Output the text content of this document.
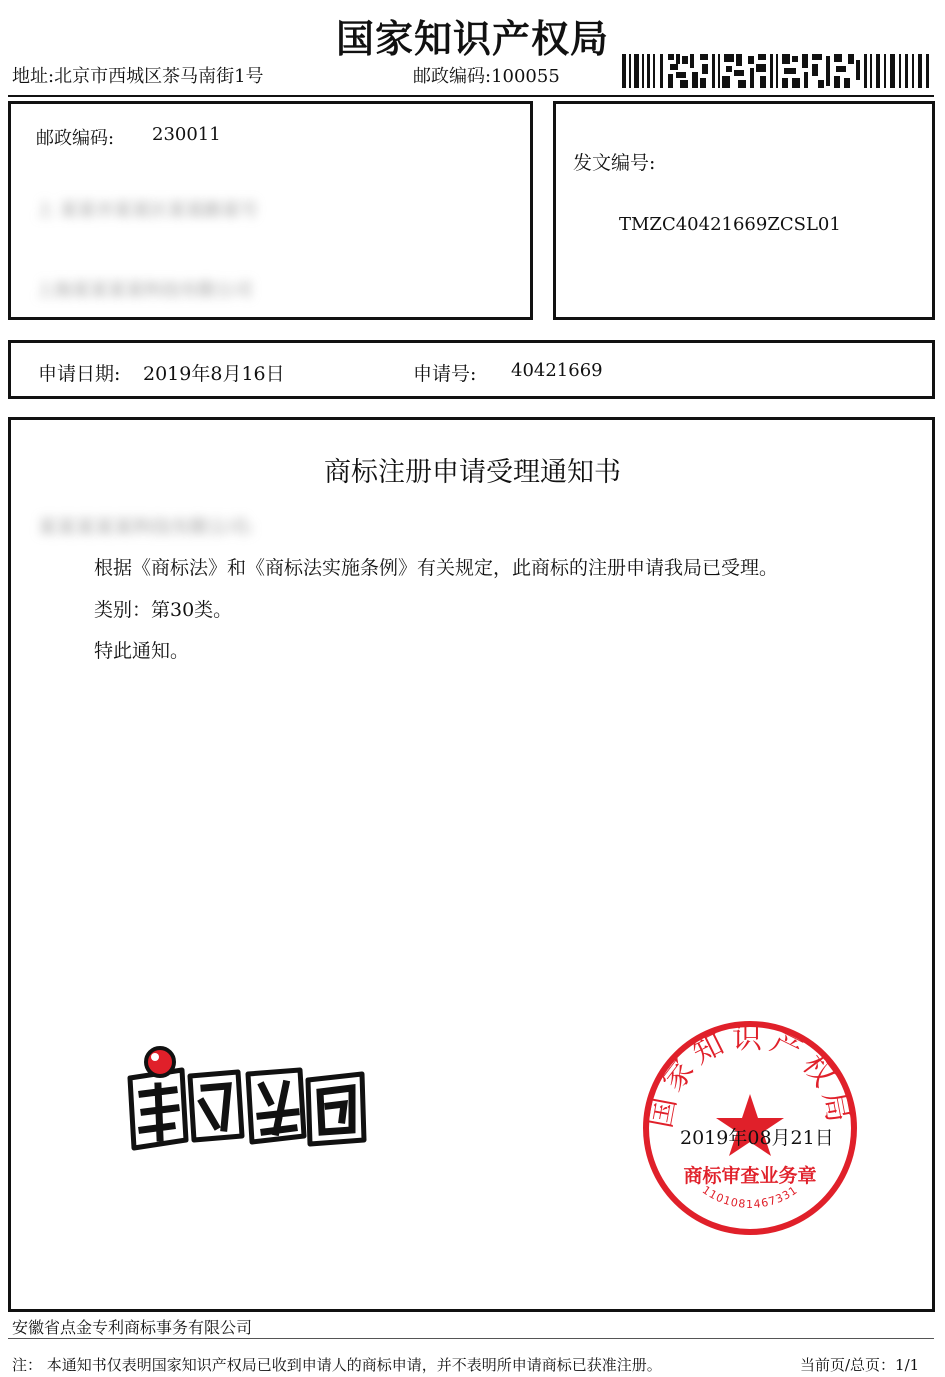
国家知识产权局
地址:北京市西城区茶马南街1号	邮政编码:100055
邮政编码: 230011
上 某某市某某区某某路某号
上海某某某某科技有限公司
发文编号:
TMZC40421669ZCSL01
申请日期: 2019年8月16日	申请号: 40421669
商标注册申请受理通知书
某某某某某科技有限公司:
根据《商标法》和《商标法实施条例》有关规定，此商标的注册申请我局已受理。
类别：第30类。
特此通知。
国家知识产权局
商标审查业务章
1101081467331
2019年08月21日
安徽省点金专利商标事务有限公司
注： 本通知书仅表明国家知识产权局已收到申请人的商标申请，并不表明所申请商标已获准注册。	当前页/总页：1/1
